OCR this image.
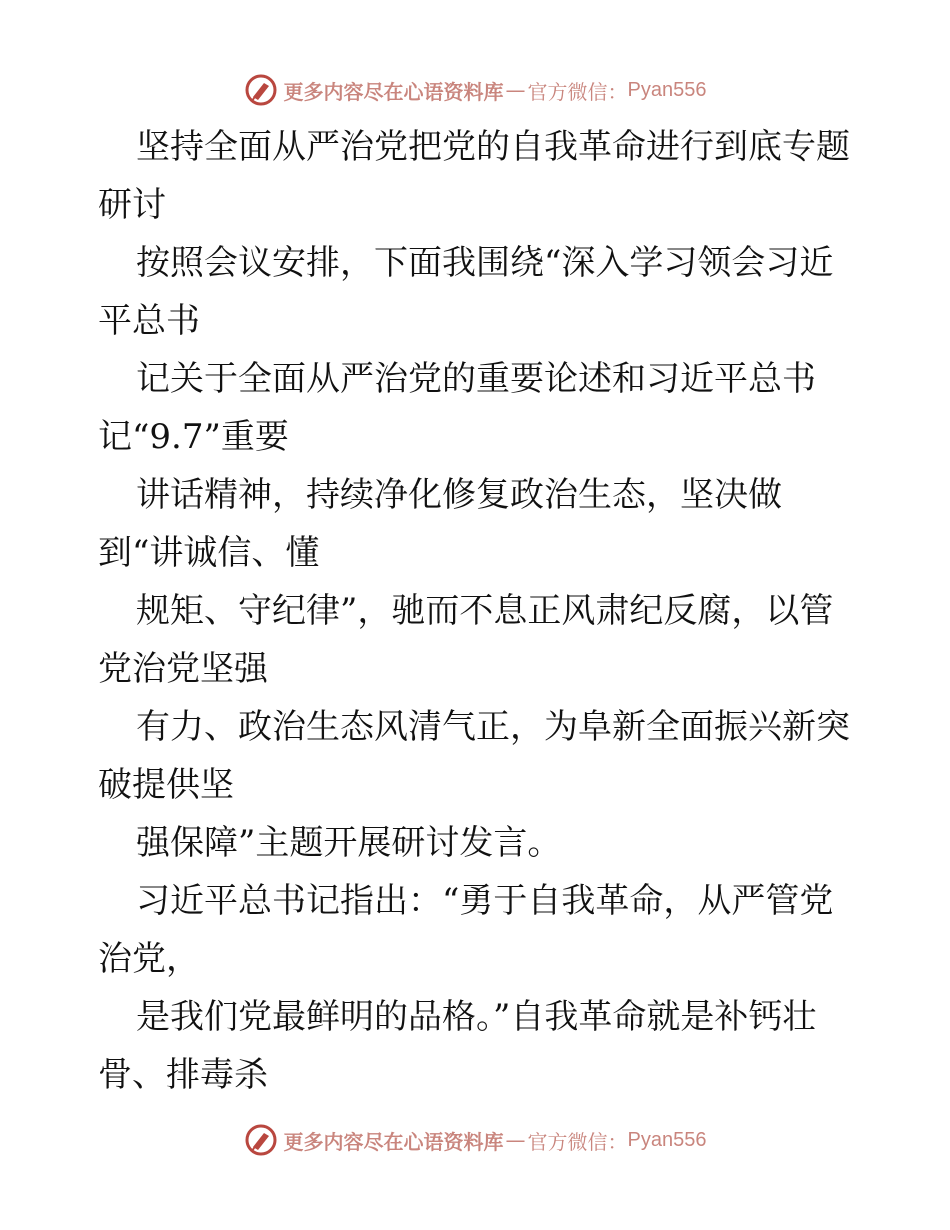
更多内容尽在心语资料库 — 官方微信： Pyan556
坚持全面从严治党把党的自我革命进行到底专题
研讨
按照会议安排，下面我围绕“深入学习领会习近
平总书
记关于全面从严治党的重要论述和习近平总书
记“9.7”重要
讲话精神，持续净化修复政治生态，坚决做
到“讲诚信、懂
规矩、守纪律”，驰而不息正风肃纪反腐，以管
党治党坚强
有力、政治生态风清气正，为阜新全面振兴新突
破提供坚
强保障”主题开展研讨发言。
习近平总书记指出：“勇于自我革命，从严管党
治党，
是我们党最鲜明的品格。”自我革命就是补钙壮
骨、排毒杀
更多内容尽在心语资料库 — 官方微信： Pyan556
